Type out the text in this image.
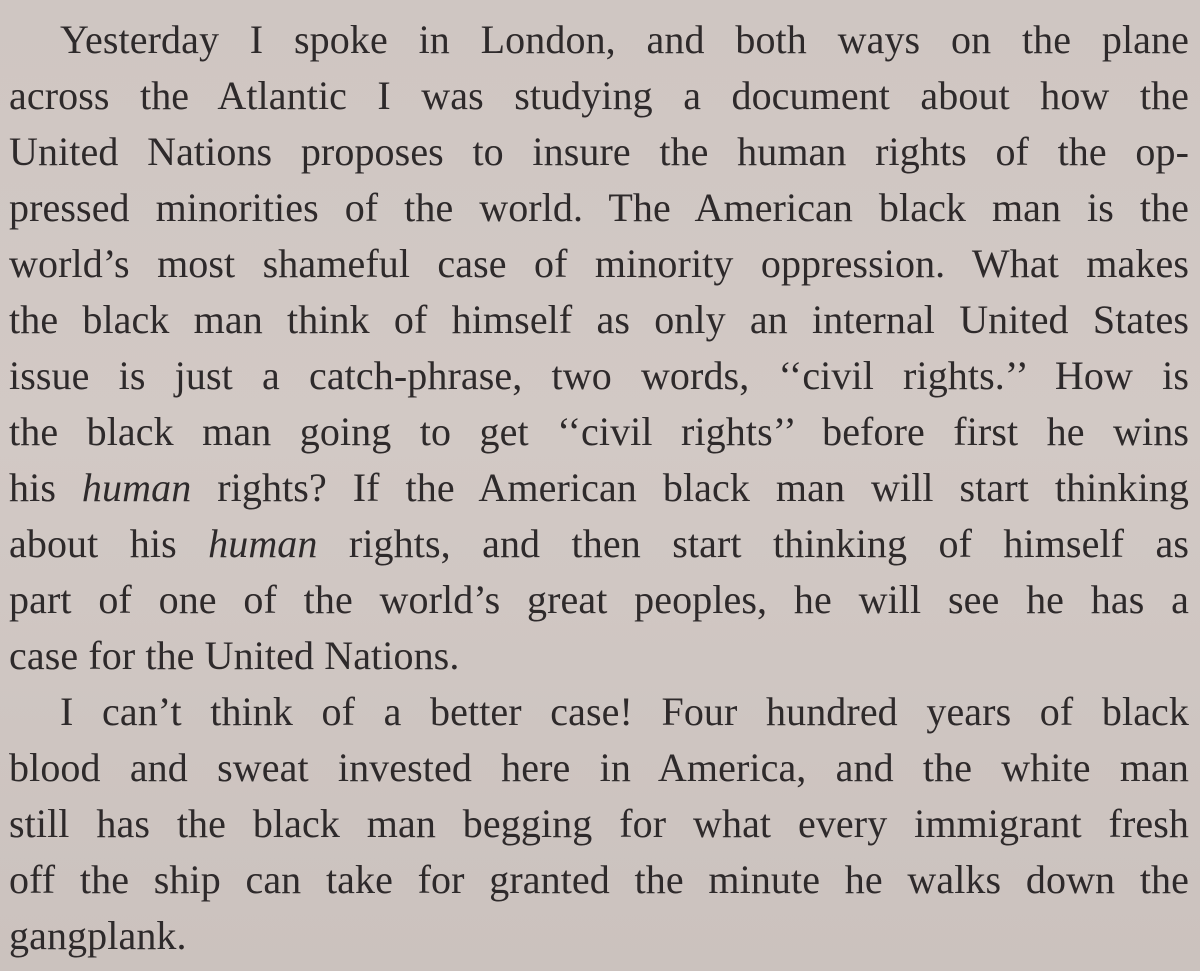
Yesterday I spoke in London, and both ways on the plane
across the Atlantic I was studying a document about how the
United Nations proposes to insure the human rights of the op-
pressed minorities of the world. The American black man is the
world’s most shameful case of minority oppression. What makes
the black man think of himself as only an internal United States
issue is just a catch-phrase, two words, ‘‘civil rights.’’ How is
the black man going to get ‘‘civil rights’’ before first he wins
his human rights? If the American black man will start thinking
about his human rights, and then start thinking of himself as
part of one of the world’s great peoples, he will see he has a
case for the United Nations.
I can’t think of a better case! Four hundred years of black
blood and sweat invested here in America, and the white man
still has the black man begging for what every immigrant fresh
off the ship can take for granted the minute he walks down the
gangplank.
